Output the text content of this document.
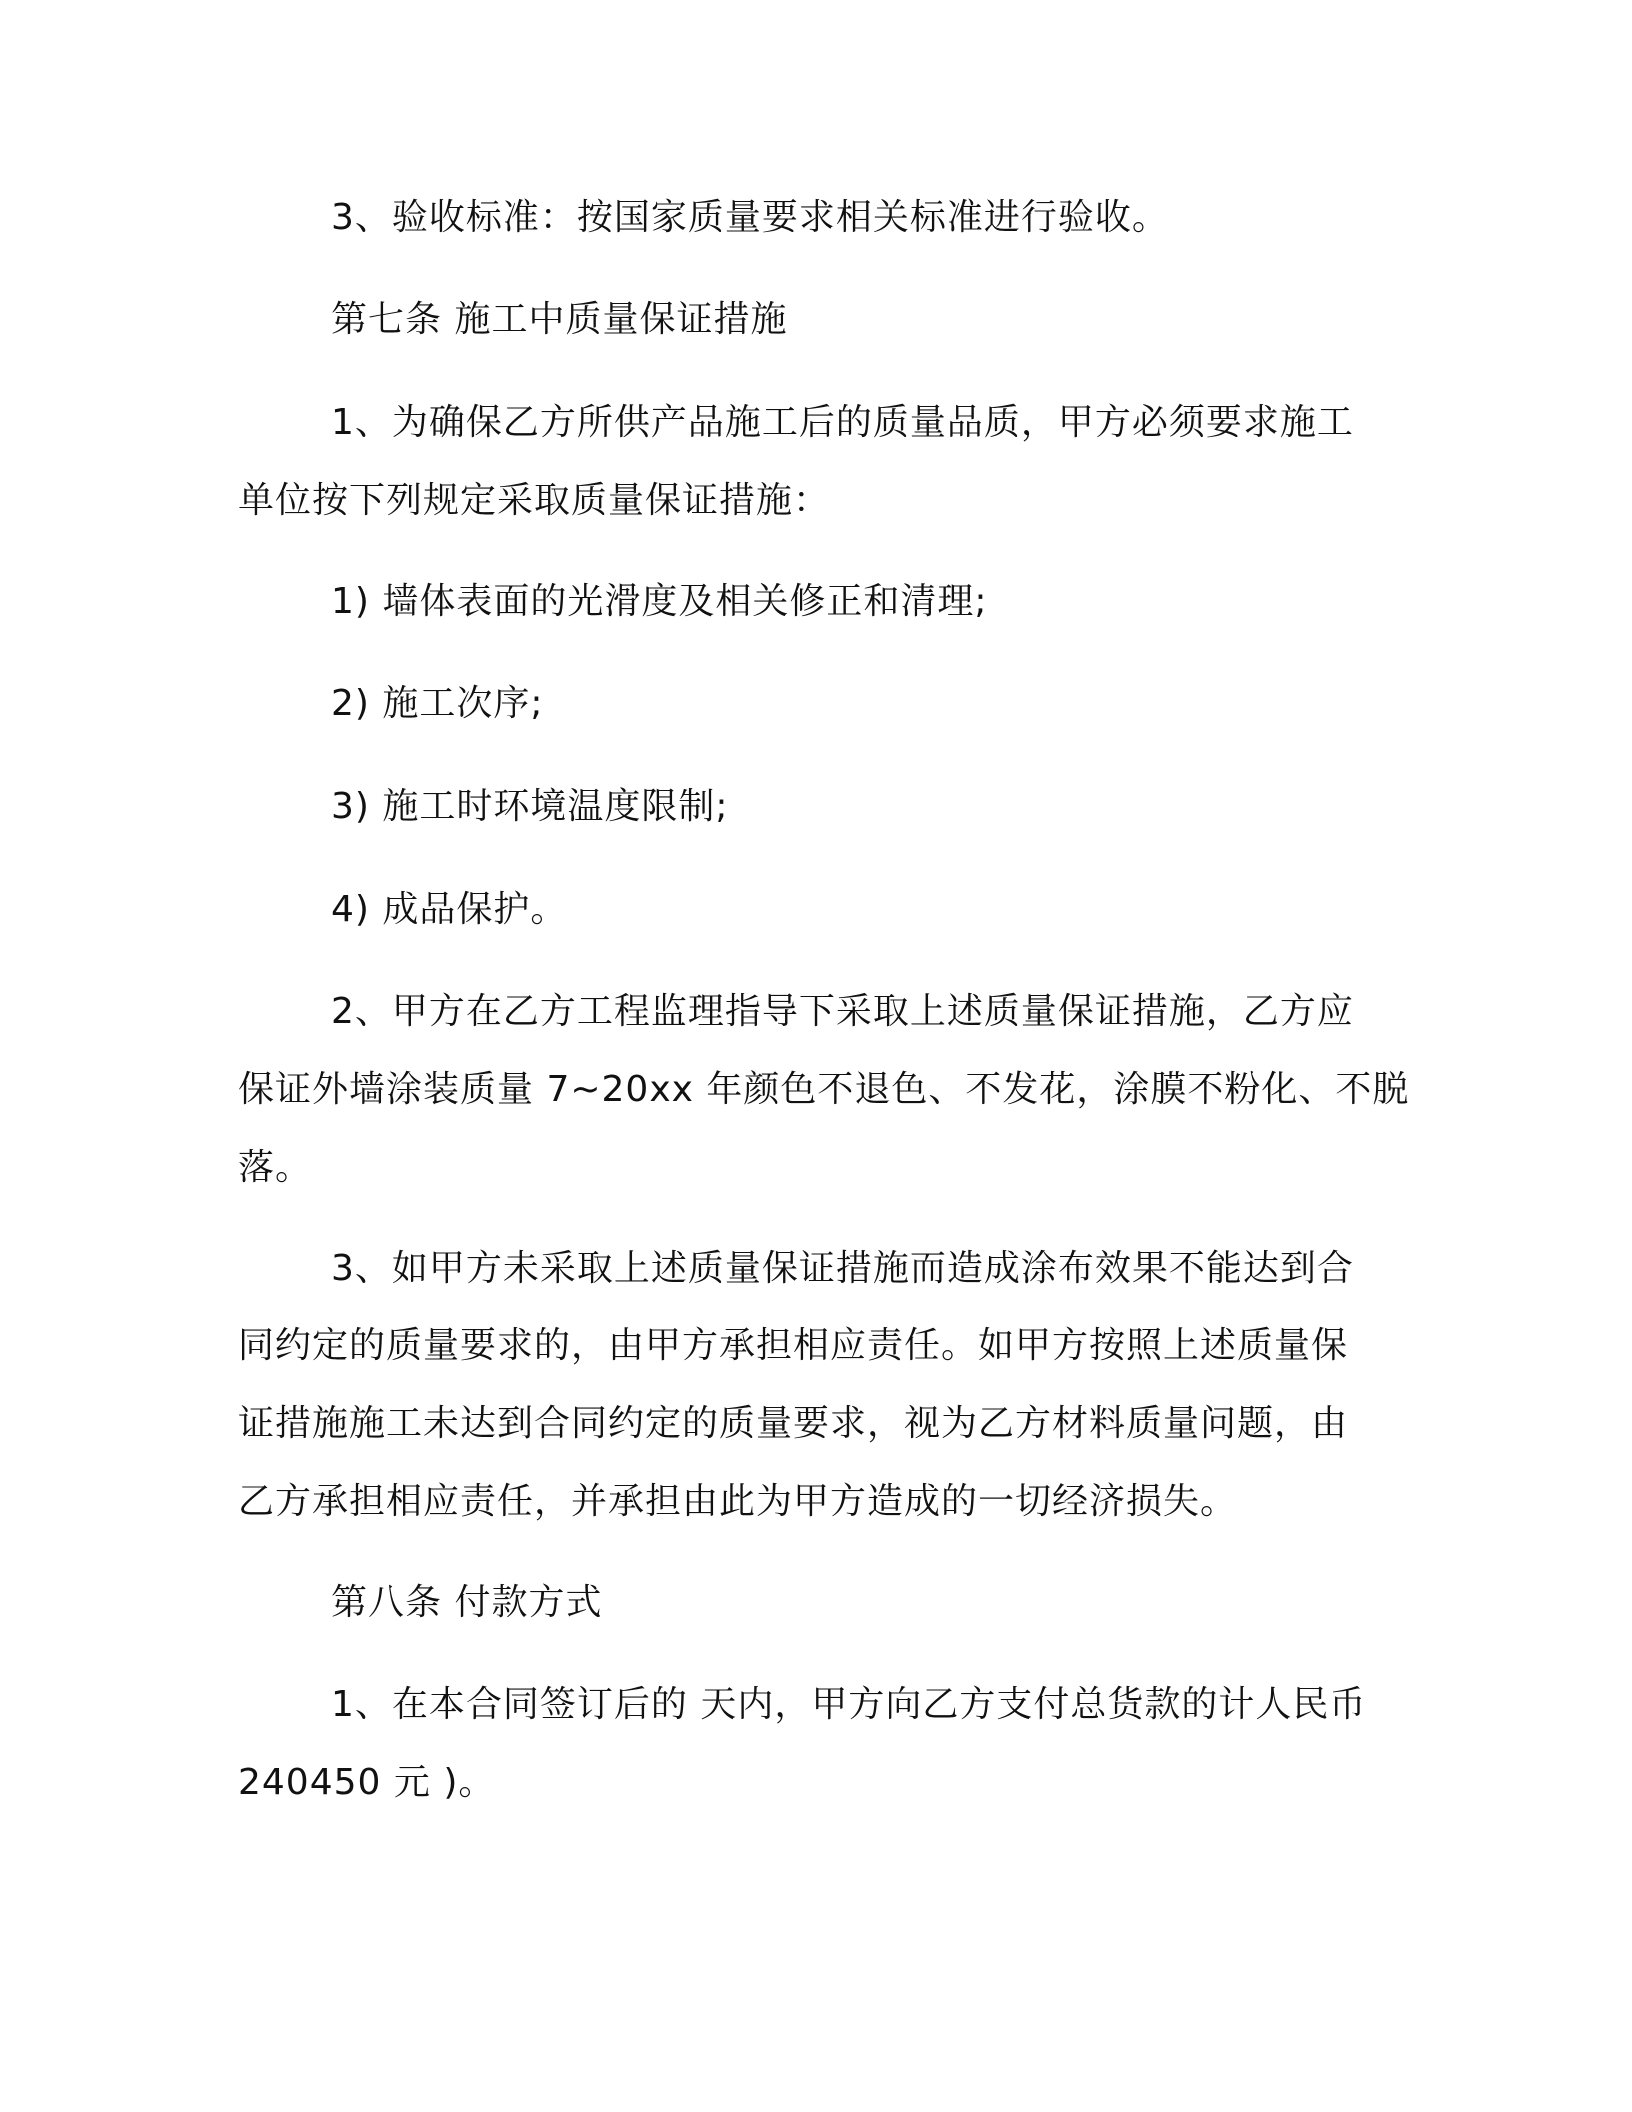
3、验收标准：按国家质量要求相关标准进行验收。
第七条 施工中质量保证措施
1、为确保乙方所供产品施工后的质量品质，甲方必须要求施工
单位按下列规定采取质量保证措施：
1) 墙体表面的光滑度及相关修正和清理;
2) 施工次序;
3) 施工时环境温度限制;
4) 成品保护。
2、甲方在乙方工程监理指导下采取上述质量保证措施，乙方应
保证外墙涂装质量 7~20xx 年颜色不退色、不发花，涂膜不粉化、不脱
落。
3、如甲方未采取上述质量保证措施而造成涂布效果不能达到合
同约定的质量要求的，由甲方承担相应责任。如甲方按照上述质量保
证措施施工未达到合同约定的质量要求，视为乙方材料质量问题，由
乙方承担相应责任，并承担由此为甲方造成的一切经济损失。
第八条 付款方式
1、在本合同签订后的 天内，甲方向乙方支付总货款的计人民币
240450 元 )。
